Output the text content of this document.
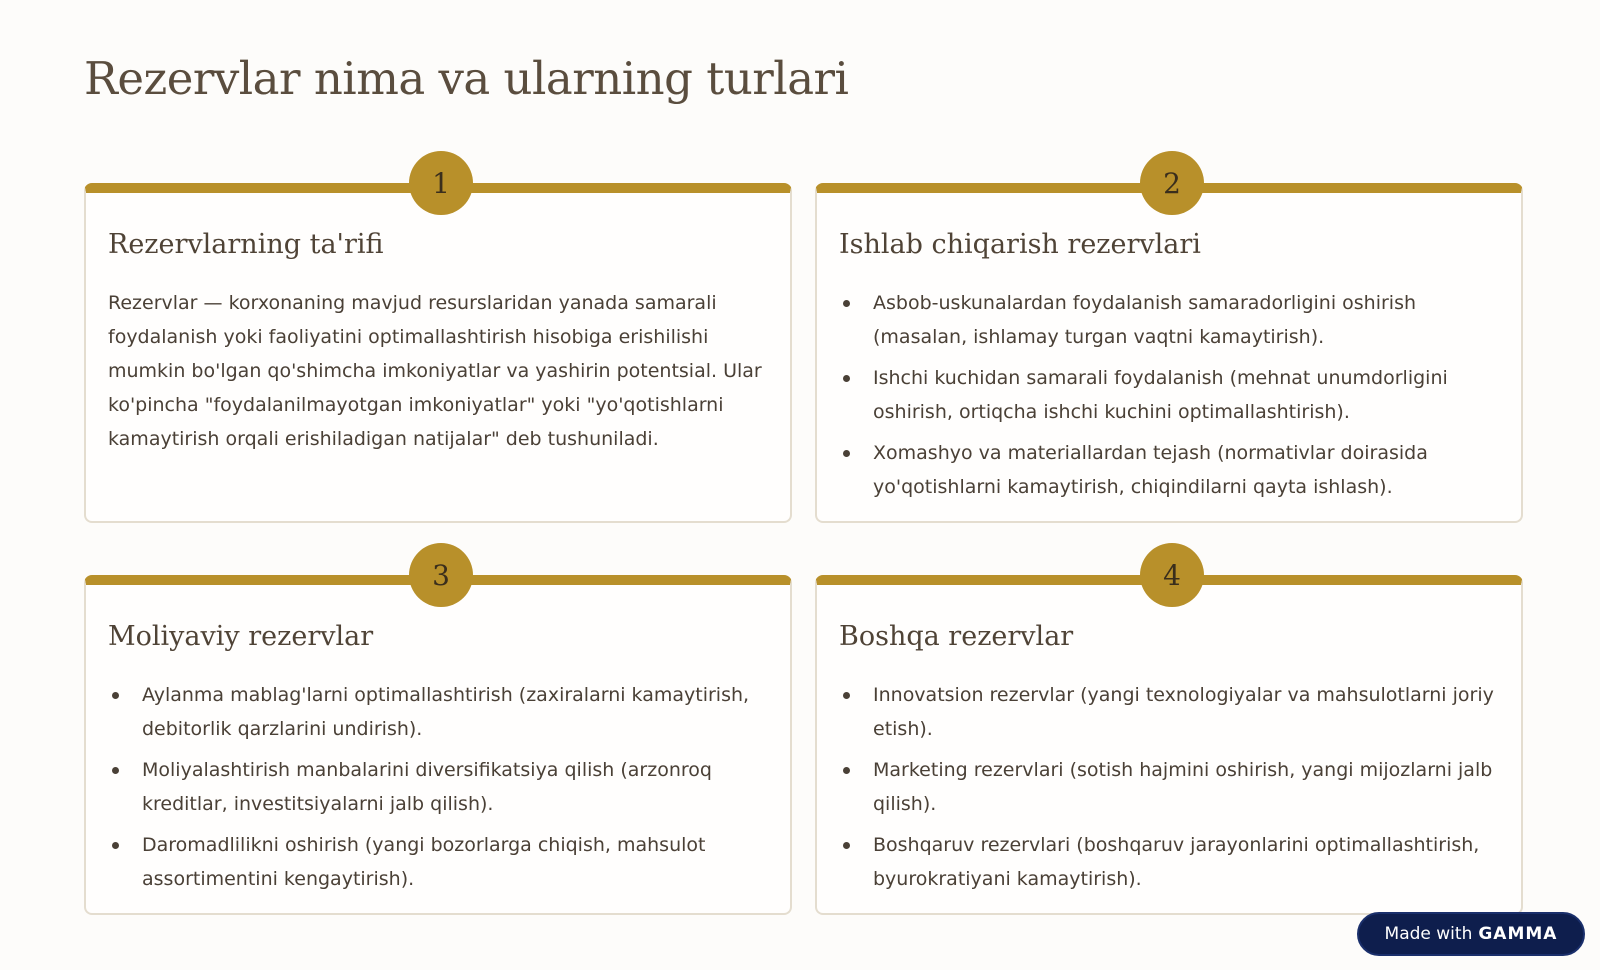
Rezervlar nima va ularning turlari
1
Rezervlarning ta'rifi

Rezervlar — korxonaning mavjud resurslaridan yanada samarali foydalanish yoki faoliyatini optimallashtirish hisobiga erishilishi mumkin bo'lgan qo'shimcha imkoniyatlar va yashirin potentsial. Ular ko'pincha "foydalanilmayotgan imkoniyatlar" yoki "yo'qotishlarni kamaytirish orqali erishiladigan natijalar" deb tushuniladi.

2
Ishlab chiqarish rezervlari
Asbob-uskunalardan foydalanish samaradorligini oshirish (masalan, ishlamay turgan vaqtni kamaytirish).
Ishchi kuchidan samarali foydalanish (mehnat unumdorligini oshirish, ortiqcha ishchi kuchini optimallashtirish).
Xomashyo va materiallardan tejash (normativlar doirasida yo'qotishlarni kamaytirish, chiqindilarni qayta ishlash).
3
Moliyaviy rezervlar
Aylanma mablag'larni optimallashtirish (zaxiralarni kamaytirish, debitorlik qarzlarini undirish).
Moliyalashtirish manbalarini diversifikatsiya qilish (arzonroq kreditlar, investitsiyalarni jalb qilish).
Daromadlilikni oshirish (yangi bozorlarga chiqish, mahsulot assortimentini kengaytirish).
4
Boshqa rezervlar
Innovatsion rezervlar (yangi texnologiyalar va mahsulotlarni joriy etish).
Marketing rezervlari (sotish hajmini oshirish, yangi mijozlarni jalb qilish).
Boshqaruv rezervlari (boshqaruv jarayonlarini optimallashtirish, byurokratiyani kamaytirish).
Made with GAMMA
